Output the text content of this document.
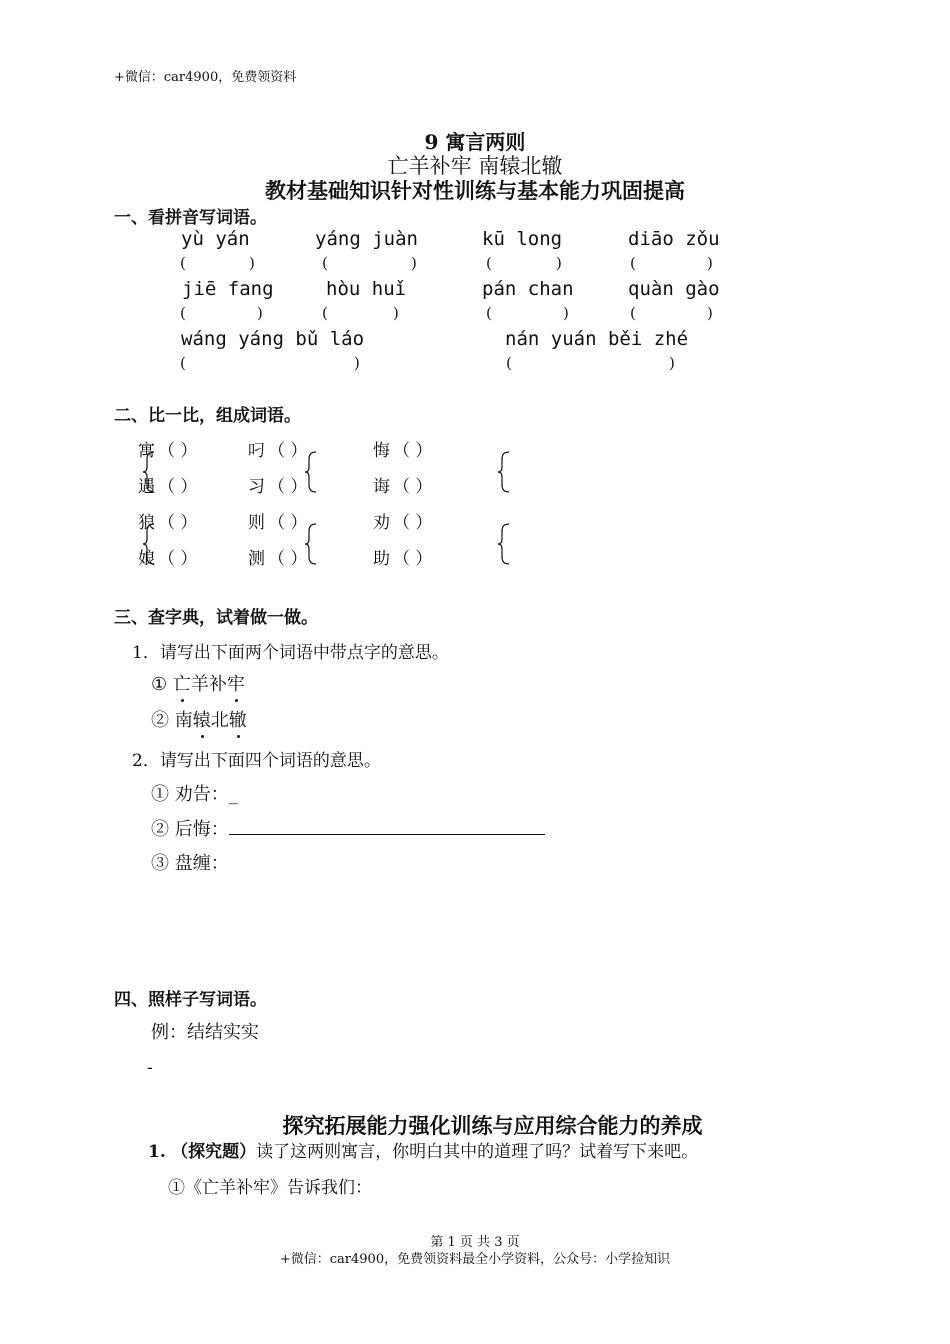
+微信：car4900，免费领资料
9 寓言两则
亡羊补牢 南辕北辙
教材基础知识针对性训练与基本能力巩固提高
一、看拼音写词语。
yù yán	yáng juàn	kū long	diāo zǒu
(	)	(	)	(	)	(	)
jiē fang	hòu huǐ	pán chan	quàn gào
(	)	(	)	(	)	(	)
wáng yáng bǔ láo	nán yuán běi zhé
(	)	(	)
二、比一比，组成词语。
寓 （ ）	叼 （ ）	悔 （ ）
遇 （ ）	习 （ ）	诲 （ ）
狼 （ ）	则 （ ）	劝 （ ）
娘 （ ）	测 （ ）	助 （ ）
三、查字典，试着做一做。
1．请写出下面两个词语中带点字的意思。
① 亡羊补牢
② 南辕北辙
2．请写出下面四个词语的意思。
① 劝告：_
② 后悔：
③ 盘缠：
四、照样子写词语。
例：结结实实
-
探究拓展能力强化训练与应用综合能力的养成
1. （探究题）读了这两则寓言，你明白其中的道理了吗？试着写下来吧。
①《亡羊补牢》告诉我们：
第 1 页 共 3 页
+微信：car4900，免费领资料最全小学资料，公众号：小学捡知识
